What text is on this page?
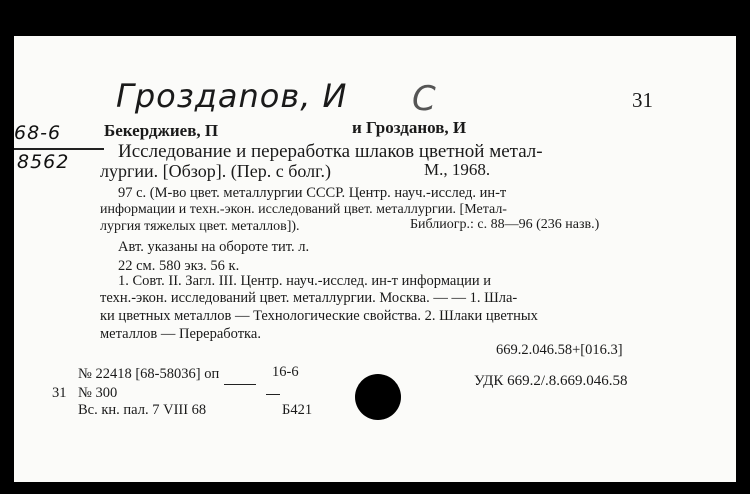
Гроздanов, И С
68-6
8562
31
Бекерджиев, П	и Грозданов, И
Исследование и переработка шлаков цветной метал-
лургии. [Обзор]. (Пер. с болг.)	М., 1968.
97 с. (М-во цвет. металлургии СССР. Центр. науч.-исслед. ин-т
информации и техн.-экон. исследований цвет. металлургии. [Метал-
лургия тяжелых цвет. металлов]).	Библиогр.: с. 88—96 (236 назв.)
Авт. указаны на обороте тит. л.
22 см. 580 экз. 56 к.
1. Совт. II. Загл. III. Центр. науч.-исслед. ин-т информации и
техн.-экон. исследований цвет. металлургии. Москва. — — 1. Шла-
ки цветных металлов — Технологические свойства. 2. Шлаки цветных
металлов — Переработка.
669.2.046.58+[016.3]
№ 22418 [68-58036] оп	16-6
31 № 300
Вс. кн. пал. 7 VIII 68	Б421
УДК 669.2/.8.669.046.58
